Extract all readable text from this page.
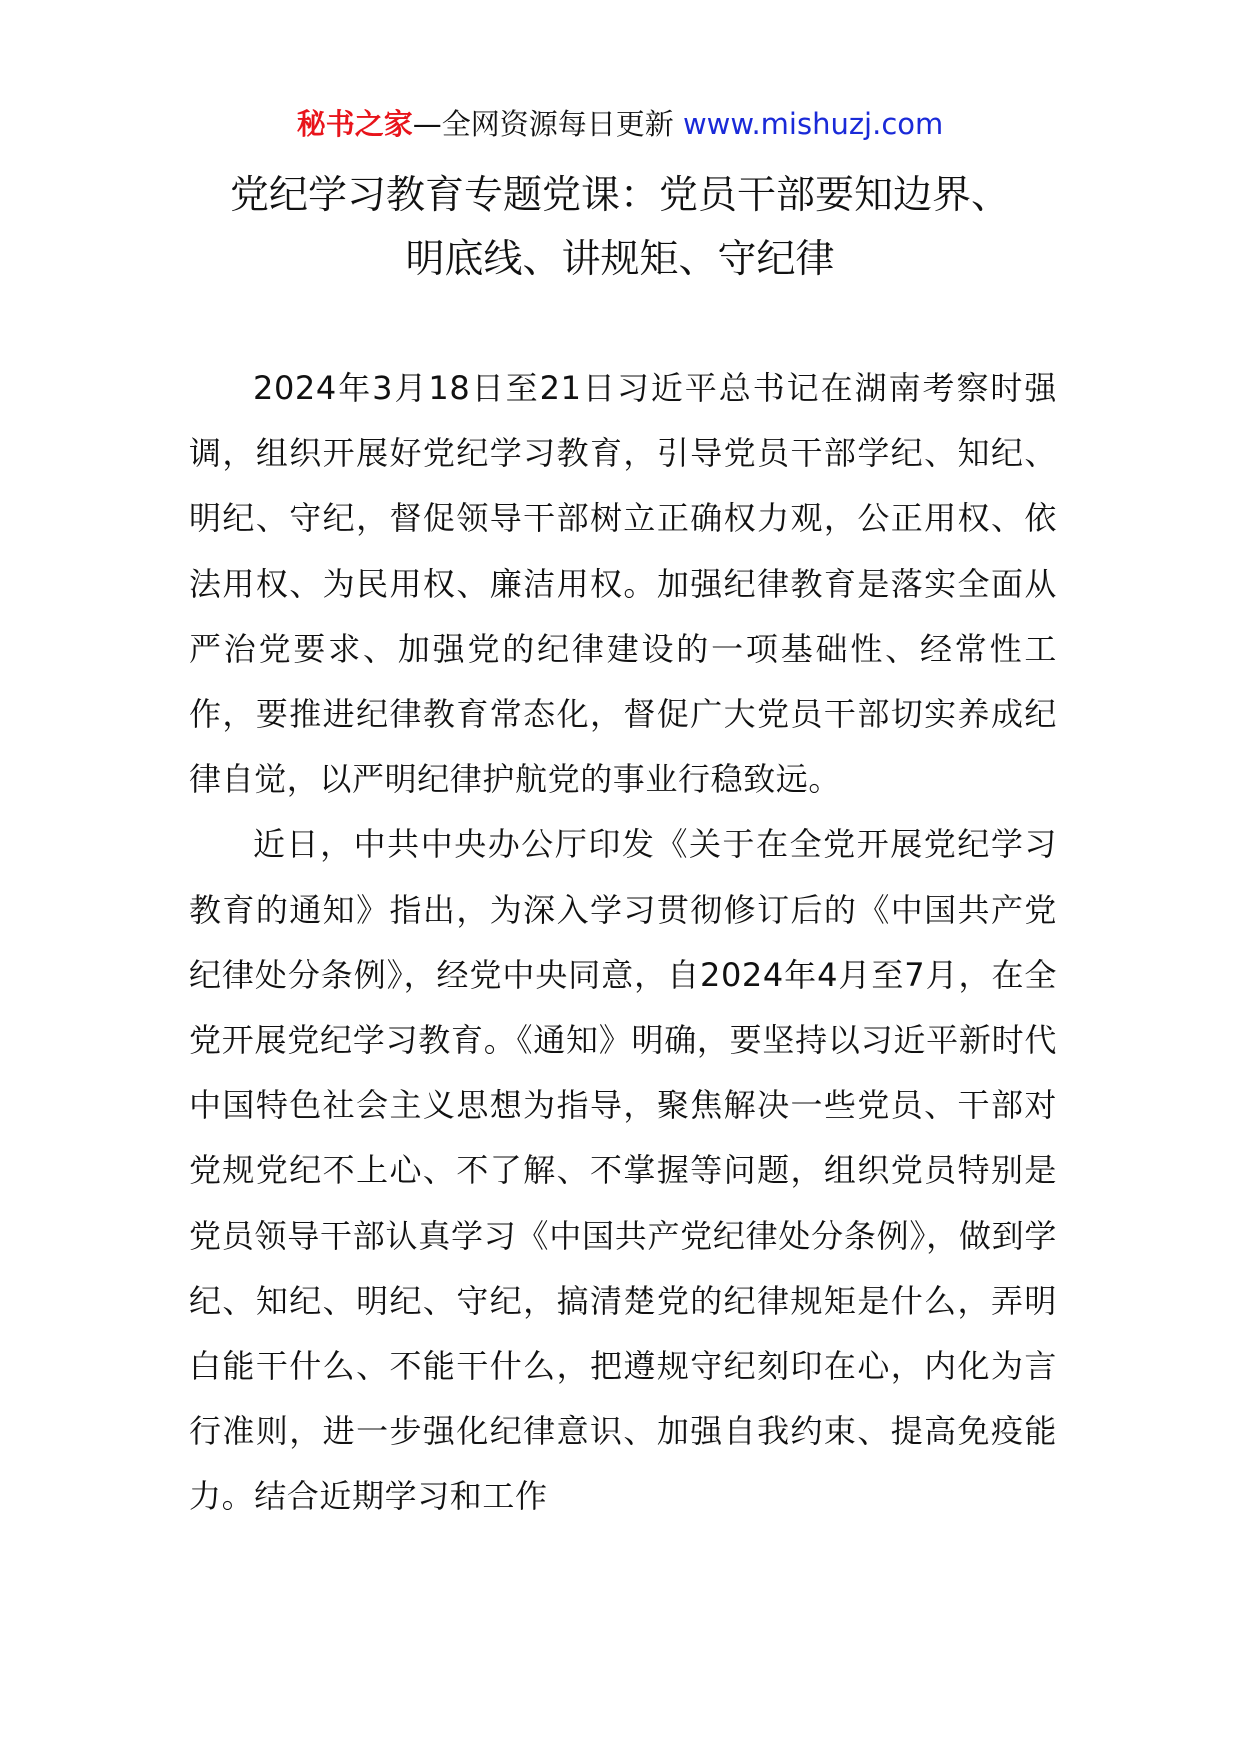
秘书之家—全网资源每日更新 www.mishuzj.com
党纪学习教育专题党课：党员干部要知边界、
明底线、讲规矩、守纪律

2024年3月18日至21日习近平总书记在湖南考察时强调，组织开展好党纪学习教育，引导党员干部学纪、知纪、明纪、守纪，督促领导干部树立正确权力观，公正用权、依法用权、为民用权、廉洁用权。加强纪律教育是落实全面从严治党要求、加强党的纪律建设的一项基础性、经常性工作，要推进纪律教育常态化，督促广大党员干部切实养成纪律自觉，以严明纪律护航党的事业行稳致远。

近日，中共中央办公厅印发《关于在全党开展党纪学习教育的通知》指出，为深入学习贯彻修订后的《中国共产党纪律处分条例》，经党中央同意，自2024年4月至7月，在全党开展党纪学习教育。《通知》明确，要坚持以习近平新时代中国特色社会主义思想为指导，聚焦解决一些党员、干部对党规党纪不上心、不了解、不掌握等问题，组织党员特别是党员领导干部认真学习《中国共产党纪律处分条例》，做到学纪、知纪、明纪、守纪，搞清楚党的纪律规矩是什么，弄明白能干什么、不能干什么，把遵规守纪刻印在心，内化为言行准则，进一步强化纪律意识、加强自我约束、提高免疫能力。结合近期学习和工作
